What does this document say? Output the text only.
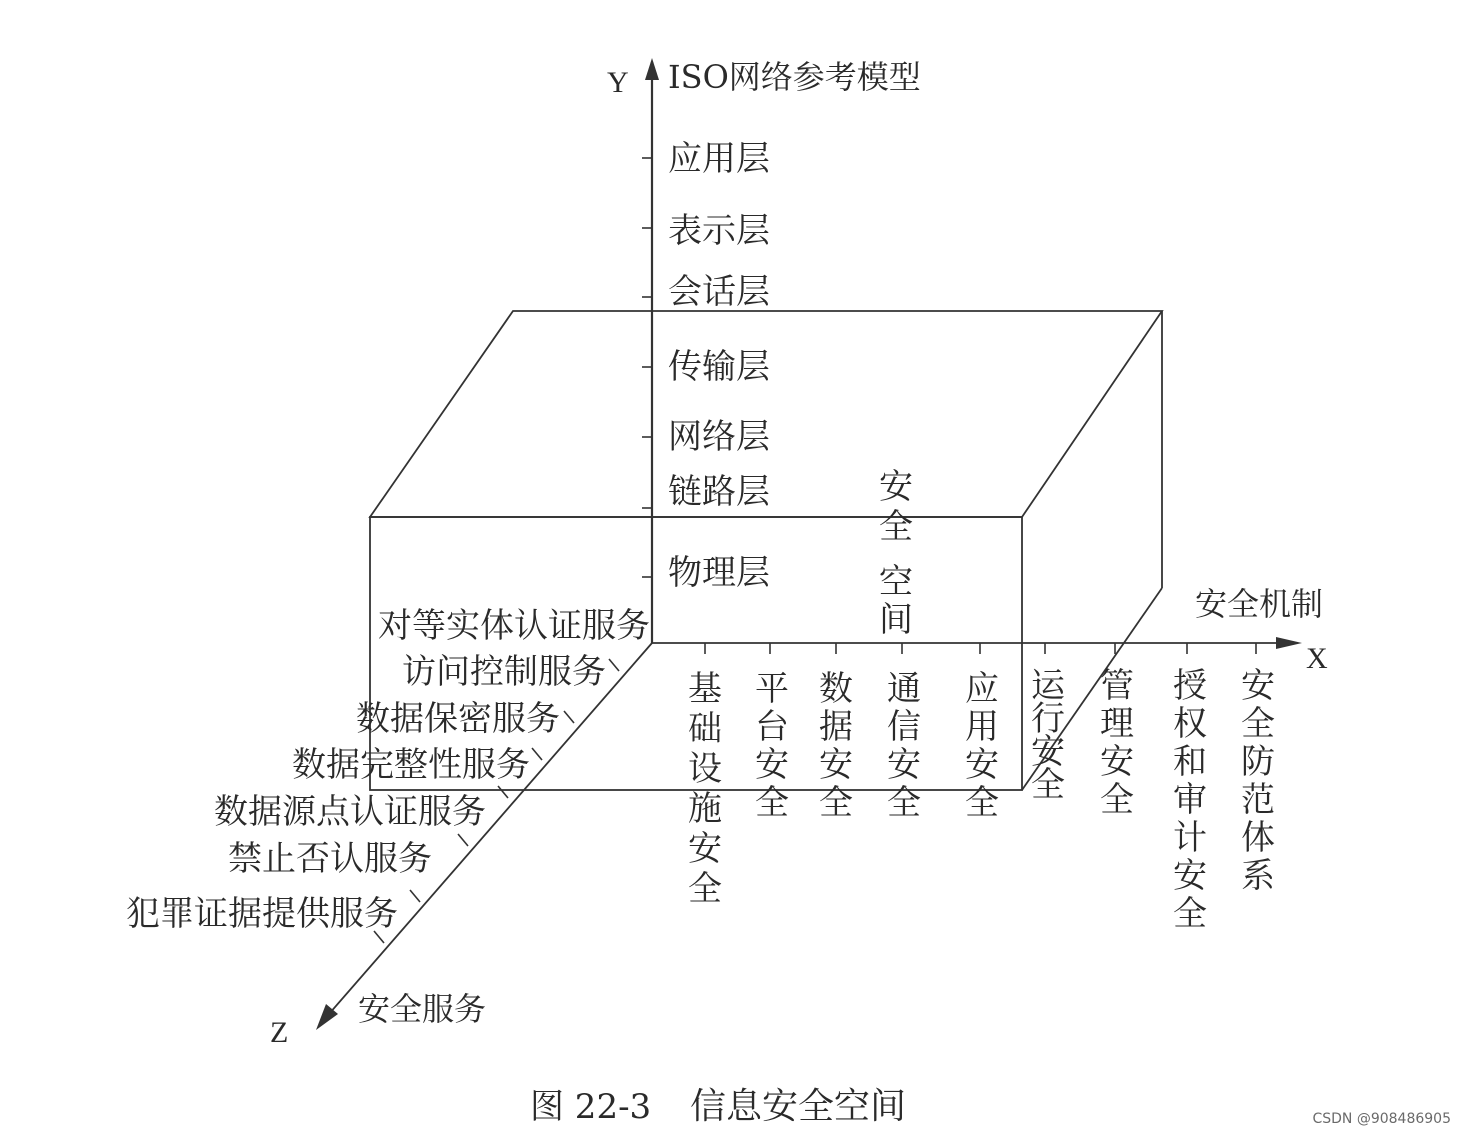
Y ISO网络参考模型
应用层
表示层
会话层
传输层
网络层
链路层
物理层
X
安全机制
基础设施安全
平台安全
数据安全
通信安全
应用安全
运行安全
管理安全
授权和审计安全
安全防范体系
Z
安全服务
对等实体认证服务
访问控制服务
数据保密服务
数据完整性服务
数据源点认证服务
禁止否认服务
犯罪证据提供服务
安全空间
图 22-3 信息安全空间	CSDN @908486905
